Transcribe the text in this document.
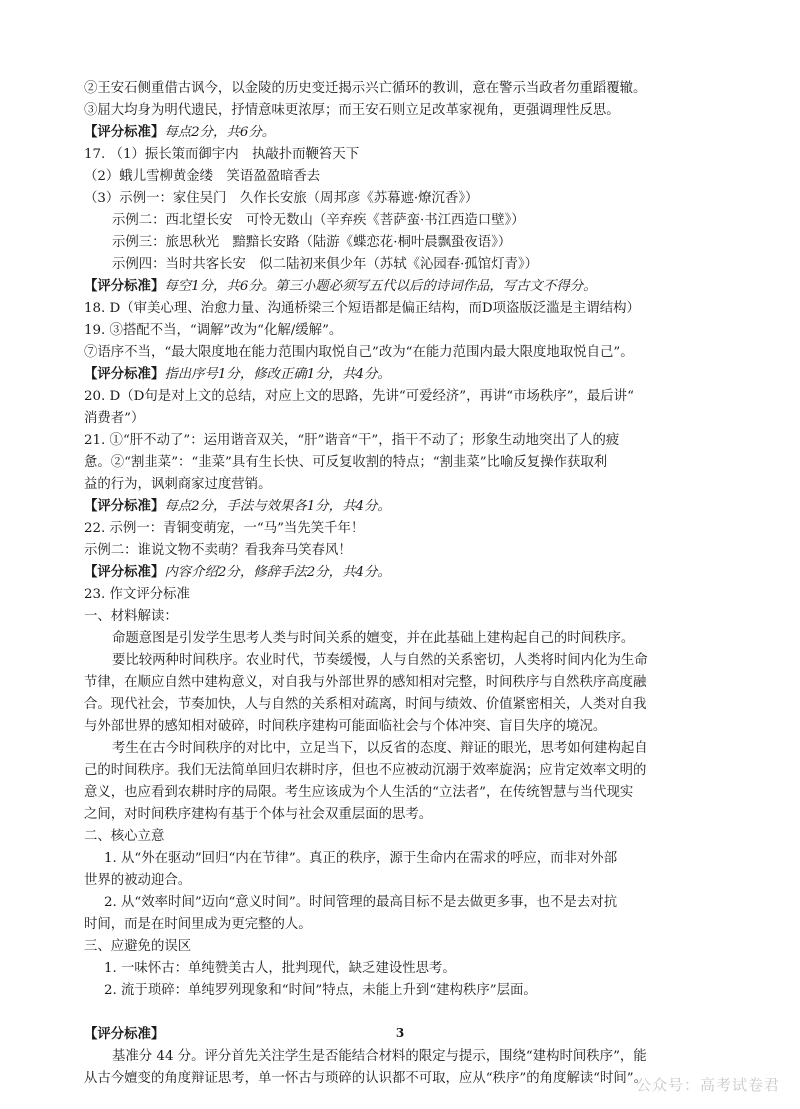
②王安石侧重借古讽今，以金陵的历史变迁揭示兴亡循环的教训，意在警示当政者勿重蹈覆辙。
③屈大均身为明代遗民，抒情意味更浓厚；而王安石则立足改革家视角，更强调理性反思。
【评分标准】每点2分，共6分。
17. （1）振长策而御宇内　执敲扑而鞭笞天下
（2）蛾儿雪柳黄金缕　笑语盈盈暗香去
（3）示例一：家住吴门　久作长安旅（周邦彦《苏幕遮·燎沉香》）
示例二：西北望长安　可怜无数山（辛弃疾《菩萨蛮·书江西造口壁》）
示例三：旅思秋光　黯黯长安路（陆游《蝶恋花·桐叶晨飘蛩夜语》）
示例四：当时共客长安　似二陆初来俱少年（苏轼《沁园春·孤馆灯青》）
【评分标准】每空1分，共6分。第三小题必须写五代以后的诗词作品，写古文不得分。
18. D（审美心理、治愈力量、沟通桥梁三个短语都是偏正结构，而D项盗版泛滥是主谓结构）
19. ③搭配不当，“调解”改为“化解/缓解”。
⑦语序不当，“最大限度地在能力范围内取悦自己”改为“在能力范围内最大限度地取悦自己”。
【评分标准】指出序号1分，修改正确1分，共4分。
20. D（D句是对上文的总结，对应上文的思路，先讲“可爱经济”，再讲“市场秩序”，最后讲“
消费者”）
21. ①“肝不动了”：运用谐音双关，“肝”谐音“干”，指干不动了；形象生动地突出了人的疲
惫。②“割韭菜”：“韭菜”具有生长快、可反复收割的特点；“割韭菜”比喻反复操作获取利
益的行为，讽刺商家过度营销。
【评分标准】每点2分，手法与效果各1分，共4分。
22. 示例一：青铜变萌宠，一“马”当先笑千年！
示例二：谁说文物不卖萌？看我奔马笑春风！
【评分标准】内容介绍2分，修辞手法2分，共4分。
23. 作文评分标准
一、材料解读：
命题意图是引发学生思考人类与时间关系的嬗变，并在此基础上建构起自己的时间秩序。
要比较两种时间秩序。农业时代，节奏缓慢，人与自然的关系密切，人类将时间内化为生命
节律，在顺应自然中建构意义，对自我与外部世界的感知相对完整，时间秩序与自然秩序高度融
合。现代社会，节奏加快，人与自然的关系相对疏离，时间与绩效、价值紧密相关，人类对自我
与外部世界的感知相对破碎，时间秩序建构可能面临社会与个体冲突、盲目失序的境况。
考生在古今时间秩序的对比中，立足当下，以反省的态度、辩证的眼光，思考如何建构起自
己的时间秩序。我们无法简单回归农耕时序，但也不应被动沉溺于效率旋涡；应肯定效率文明的
意义，也应看到农耕时序的局限。考生应该成为个人生活的“立法者”，在传统智慧与当代现实
之间，对时间秩序建构有基于个体与社会双重层面的思考。
二、核心立意
1. 从“外在驱动”回归“内在节律”。真正的秩序，源于生命内在需求的呼应，而非对外部
世界的被动迎合。
2. 从“效率时间”迈向“意义时间”。时间管理的最高目标不是去做更多事，也不是去对抗
时间，而是在时间里成为更完整的人。
三、应避免的误区
1. 一味怀古：单纯赞美古人，批判现代，缺乏建设性思考。
2. 流于琐碎：单纯罗列现象和“时间”特点，未能上升到“建构秩序”层面。
【评分标准】
基准分 44 分。评分首先关注学生是否能结合材料的限定与提示，围绕“建构时间秩序”，能
从古今嬗变的角度辩证思考，单一怀古与琐碎的认识都不可取，应从“秩序”的角度解读“时间”。
3
公众号：高考试卷君
